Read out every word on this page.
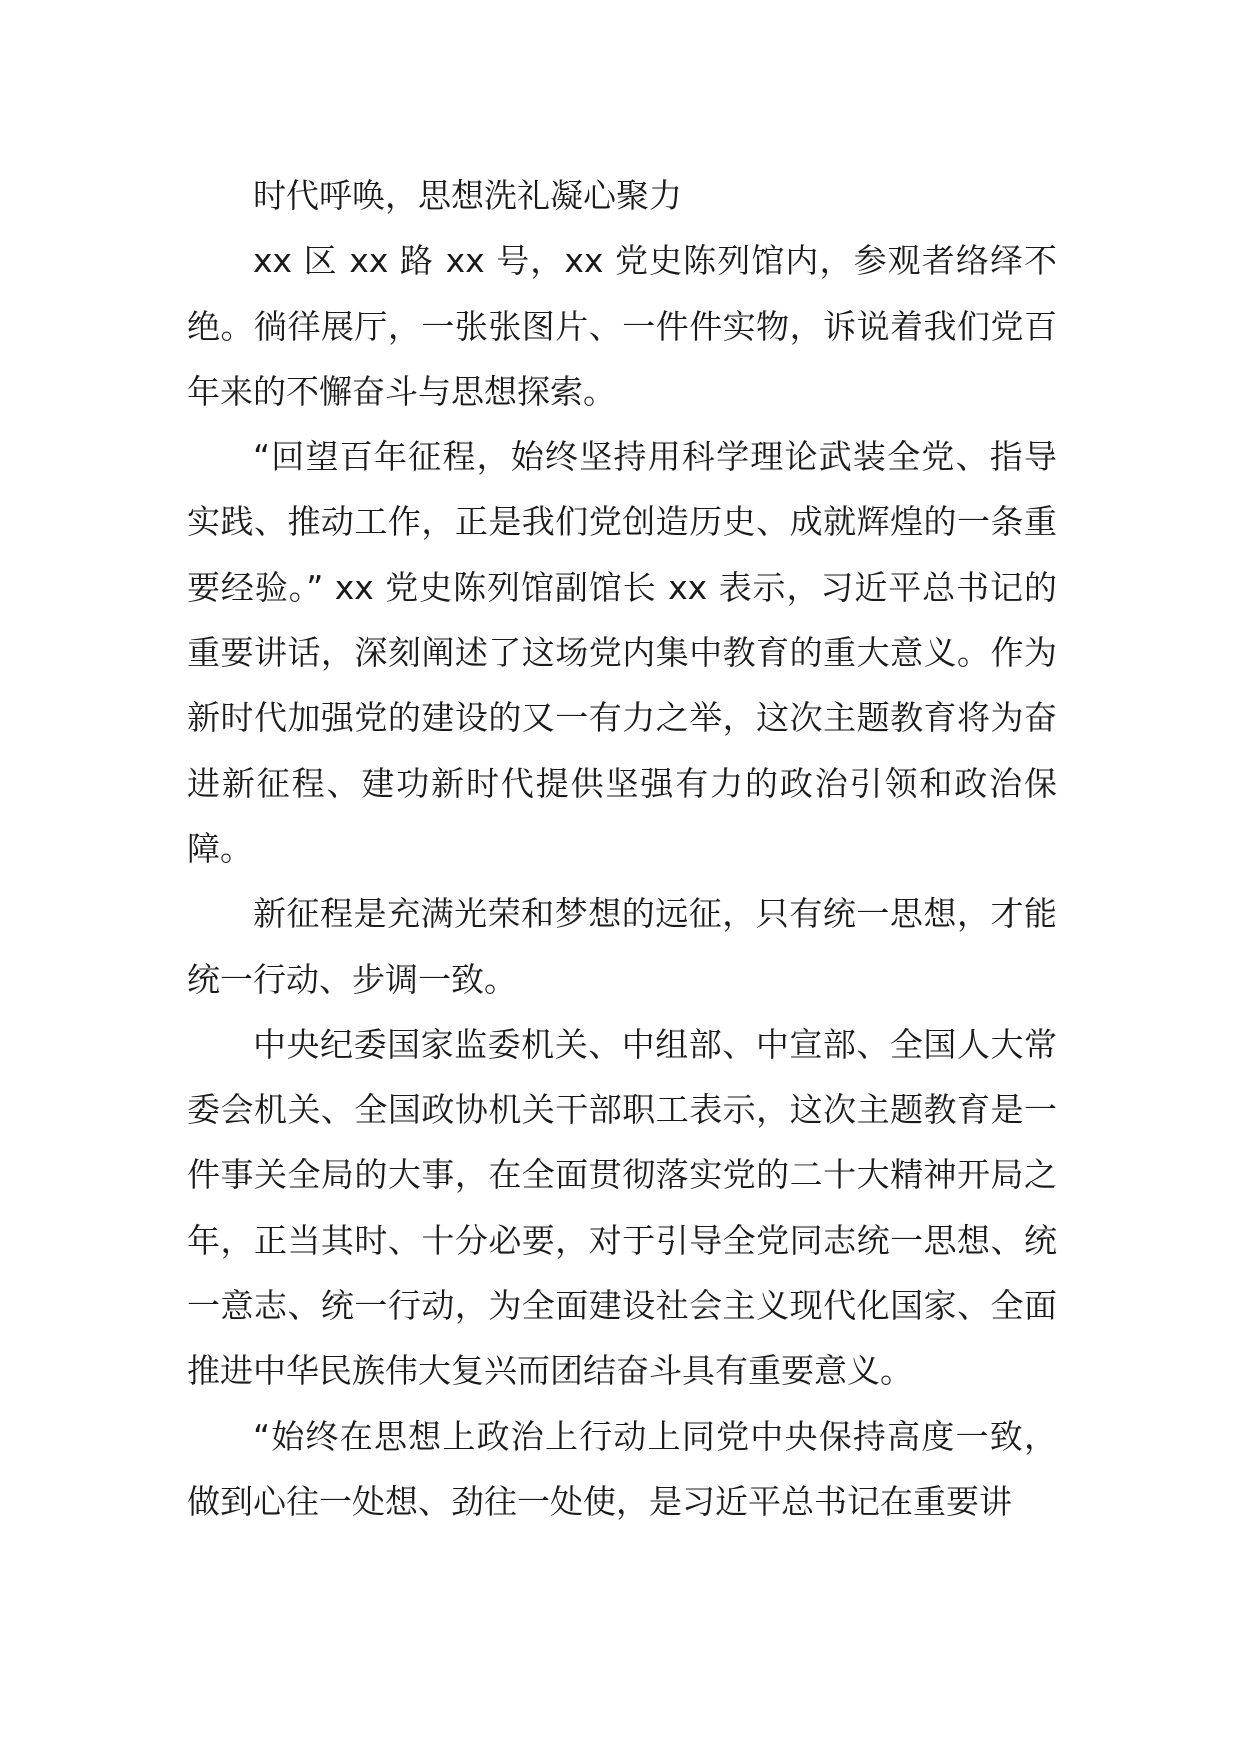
时代呼唤，思想洗礼凝心聚力

xx 区 xx 路 xx 号，xx 党史陈列馆内，参观者络绎不绝。徜徉展厅，一张张图片、一件件实物，诉说着我们党百年来的不懈奋斗与思想探索。

“回望百年征程，始终坚持用科学理论武装全党、指导实践、推动工作，正是我们党创造历史、成就辉煌的一条重要经验。” xx 党史陈列馆副馆长 xx 表示，习近平总书记的重要讲话，深刻阐述了这场党内集中教育的重大意义。作为新时代加强党的建设的又一有力之举，这次主题教育将为奋进新征程、建功新时代提供坚强有力的政治引领和政治保障。

新征程是充满光荣和梦想的远征，只有统一思想，才能统一行动、步调一致。

中央纪委国家监委机关、中组部、中宣部、全国人大常委会机关、全国政协机关干部职工表示，这次主题教育是一件事关全局的大事，在全面贯彻落实党的二十大精神开局之年，正当其时、十分必要，对于引导全党同志统一思想、统一意志、统一行动，为全面建设社会主义现代化国家、全面推进中华民族伟大复兴而团结奋斗具有重要意义。

“始终在思想上政治上行动上同党中央保持高度一致，做到心往一处想、劲往一处使，是习近平总书记在重要讲
